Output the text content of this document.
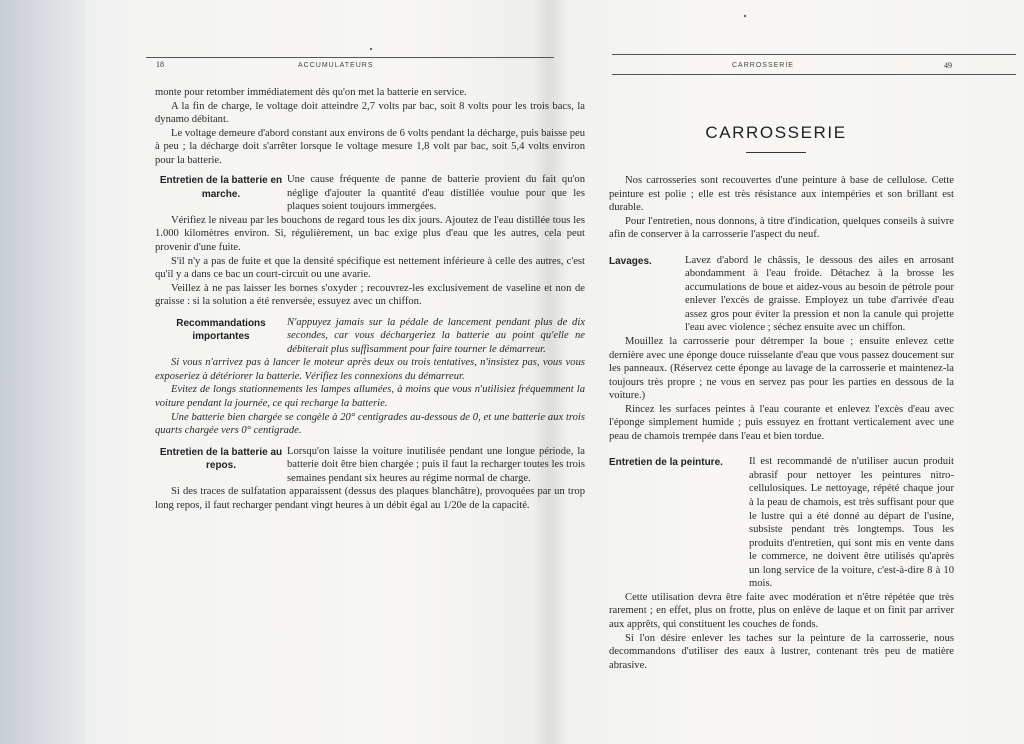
18	ACCUMULATEURS

monte pour retomber immédiatement dès qu'on met la batterie en service.

A la fin de charge, le voltage doit atteindre 2,7 volts par bac, soit 8 volts pour les trois bacs, la dynamo débitant.

Le voltage demeure d'abord constant aux environs de 6 volts pendant la décharge, puis baisse peu à peu ; la décharge doit s'arrêter lorsque le voltage mesure 1,8 volt par bac, soit 5,4 volts environ pour la batterie.

Entretien de la batterie en marche.
Une cause fréquente de panne de batterie provient du fait qu'on néglige d'ajouter la quantité d'eau distillée voulue pour que les plaques soient toujours immergées.

Vérifiez le niveau par les bouchons de regard tous les dix jours. Ajoutez de l'eau distillée tous les 1.000 kilomètres environ. Si, régulièrement, un bac exige plus d'eau que les autres, cela peut provenir d'une fuite.

S'il n'y a pas de fuite et que la densité spécifique est nettement inférieure à celle des autres, c'est qu'il y a dans ce bac un court-circuit ou une avarie.

Veillez à ne pas laisser les bornes s'oxyder ; recouvrez-les exclusivement de vaseline et non de graisse : si la solution a été renversée, essuyez avec un chiffon.

Recommandations importantes
N'appuyez jamais sur la pédale de lancement pendant plus de dix secondes, car vous déchargeriez la batterie au point qu'elle ne débiterait plus suffisamment pour faire tourner le démarreur.

Si vous n'arrivez pas à lancer le moteur après deux ou trois tentatives, n'insistez pas, vous vous exposeriez à détériorer la batterie. Vérifiez les connexions du démarreur.

Evitez de longs stationnements les lampes allumées, à moins que vous n'utilisiez fréquemment la voiture pendant la journée, ce qui recharge la batterie.

Une batterie bien chargée se congèle à 20° centigrades au-dessous de 0, et une batterie aux trois quarts chargée vers 0° centigrade.

Entretien de la batterie au repos.
Lorsqu'on laisse la voiture inutilisée pendant une longue période, la batterie doit être bien chargée ; puis il faut la recharger toutes les trois semaines pendant six heures au régime normal de charge.

Si des traces de sulfatation apparaissent (dessus des plaques blanchâtre), provoquées par un trop long repos, il faut recharger pendant vingt heures à un débit égal au 1/20e de la capacité.

CARROSSERIE	49
CARROSSERIE

Nos carrosseries sont recouvertes d'une peinture à base de cellulose. Cette peinture est polie ; elle est très résistance aux intempéries et son brillant est durable.

Pour l'entretien, nous donnons, à titre d'indication, quelques conseils à suivre afin de conserver à la carrosserie l'aspect du neuf.

Lavages.	Lavez d'abord le châssis, le dessous des ailes en arrosant abondamment à l'eau froide. Détachez à la brosse les accumulations de boue et aidez-vous au besoin de pétrole pour enlever l'excès de graisse. Employez un tube d'arrivée d'eau assez gros pour éviter la pression et non la canule qui projette l'eau avec violence ; séchez ensuite avec un chiffon.

Mouillez la carrosserie pour détremper la boue ; ensuite enlevez cette dernière avec une éponge douce ruisselante d'eau que vous passez doucement sur les panneaux. (Réservez cette éponge au lavage de la carrosserie et maintenez-la toujours très propre ; ne vous en servez pas pour les parties en dessous de la voiture.)

Rincez les surfaces peintes à l'eau courante et enlevez l'excès d'eau avec l'éponge simplement humide ; puis essuyez en frottant verticalement avec une peau de chamois trempée dans l'eau et bien tordue.

Entretien de la peinture.	Il est recommandé de n'utiliser aucun produit abrasif pour nettoyer les peintures nitro-cellulosiques. Le nettoyage, répété chaque jour à la peau de chamois, est très suffisant pour que le lustre qui a été donné au départ de l'usine, subsiste pendant très longtemps. Tous les produits d'entretien, qui sont mis en vente dans le commerce, ne doivent être utilisés qu'après un long service de la voiture, c'est-à-dire 8 à 10 mois.

Cette utilisation devra être faite avec modération et n'être répétée que très rarement ; en effet, plus on frotte, plus on enlève de laque et on finit par arriver aux apprêts, qui constituent les couches de fonds.

Si l'on désire enlever les taches sur la peinture de la carrosserie, nous decommandons d'utiliser des eaux à lustrer, contenant très peu de matière abrasive.
